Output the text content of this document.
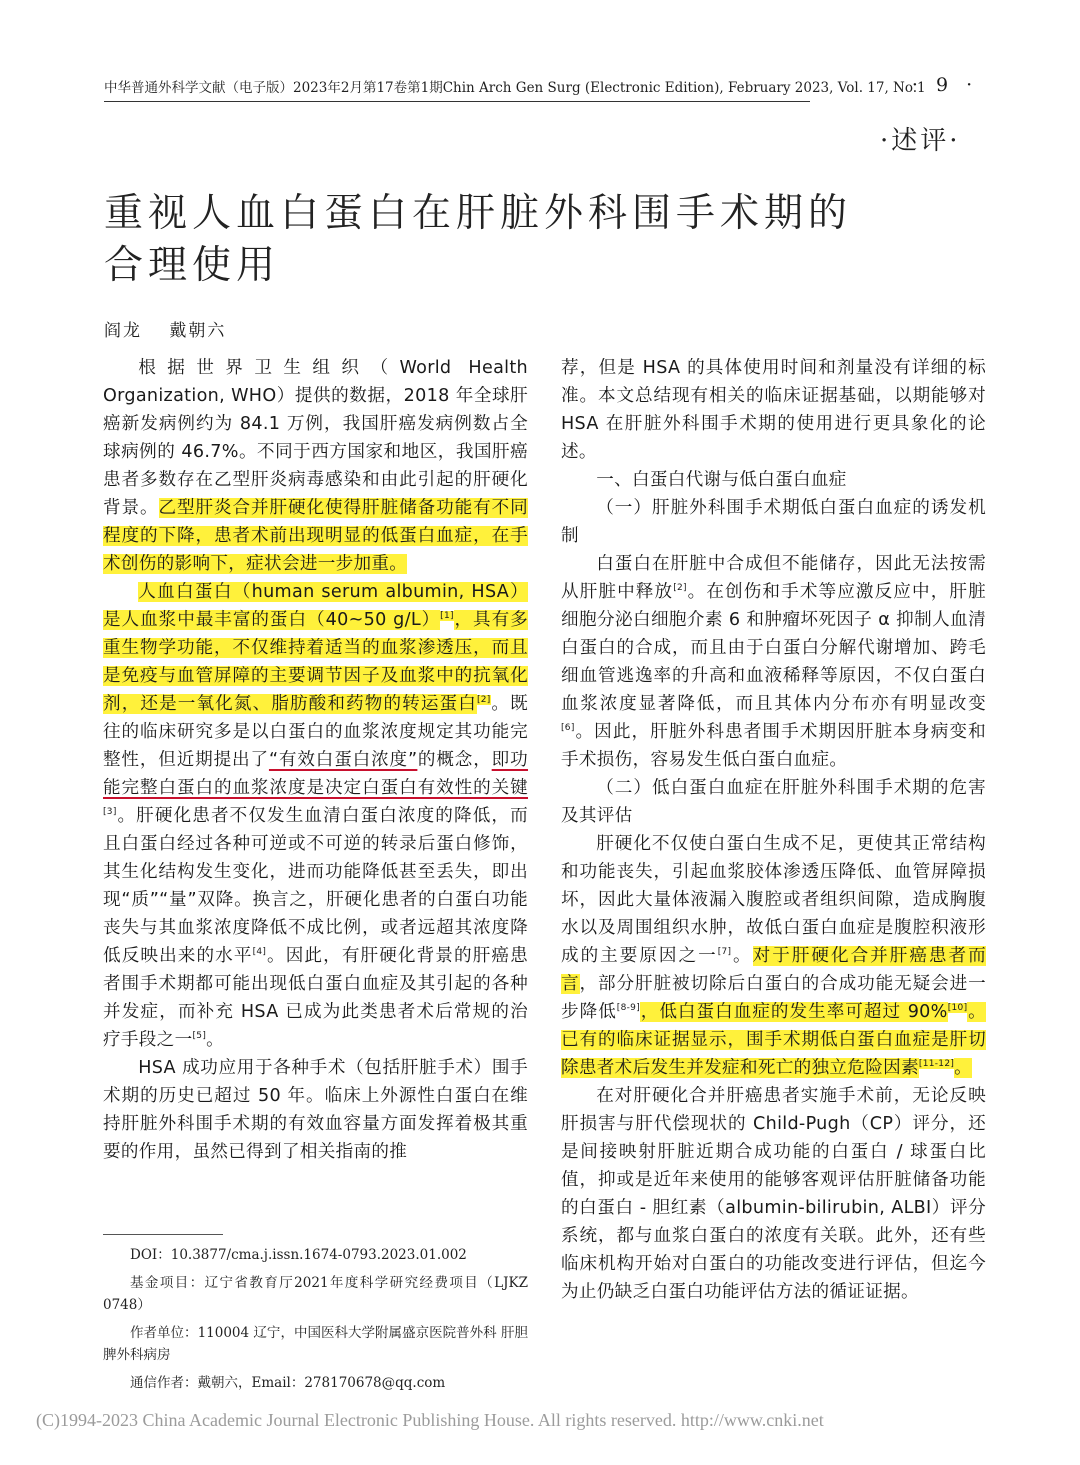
中华普通外科学文献（电子版）2023年2月第17卷第1期Chin Arch Gen Surg (Electronic Edition), February 2023, Vol. 17, No.1
· 9 ·
·述评·
重视人血白蛋白在肝脏外科围手术期的
合理使用
阎龙 戴朝六

根据世界卫生组织（World Health Organization, WHO）提供的数据，2018 年全球肝癌新发病例约为 84.1 万例，我国肝癌发病例数占全球病例的 46.7%。不同于西方国家和地区，我国肝癌患者多数存在乙型肝炎病毒感染和由此引起的肝硬化背景。乙型肝炎合并肝硬化使得肝脏储备功能有不同程度的下降，患者术前出现明显的低蛋白血症，在手术创伤的影响下，症状会进一步加重。

人血白蛋白（human serum albumin, HSA）是人血浆中最丰富的蛋白（40~50 g/L）[1]，具有多重生物学功能，不仅维持着适当的血浆渗透压，而且是免疫与血管屏障的主要调节因子及血浆中的抗氧化剂，还是一氧化氮、脂肪酸和药物的转运蛋白[2]。既往的临床研究多是以白蛋白的血浆浓度规定其功能完整性，但近期提出了“有效白蛋白浓度”的概念，即功能完整白蛋白的血浆浓度是决定白蛋白有效性的关键[3]。肝硬化患者不仅发生血清白蛋白浓度的降低，而且白蛋白经过各种可逆或不可逆的转录后蛋白修饰，其生化结构发生变化，进而功能降低甚至丢失，即出现“质”“量”双降。换言之，肝硬化患者的白蛋白功能丧失与其血浆浓度降低不成比例，或者远超其浓度降低反映出来的水平[4]。因此，有肝硬化背景的肝癌患者围手术期都可能出现低白蛋白血症及其引起的各种并发症，而补充 HSA 已成为此类患者术后常规的治疗手段之一[5]。

HSA 成功应用于各种手术（包括肝脏手术）围手术期的历史已超过 50 年。临床上外源性白蛋白在维持肝脏外科围手术期的有效血容量方面发挥着极其重要的作用，虽然已得到了相关指南的推

DOI：10.3877/cma.j.issn.1674-0793.2023.01.002

基金项目：辽宁省教育厅2021年度科学研究经费项目（LJKZ 0748）

作者单位：110004 辽宁，中国医科大学附属盛京医院普外科 肝胆脾外科病房

通信作者：戴朝六，Email：278170678@qq.com

荐，但是 HSA 的具体使用时间和剂量没有详细的标准。本文总结现有相关的临床证据基础，以期能够对 HSA 在肝脏外科围手术期的使用进行更具象化的论述。

一、白蛋白代谢与低白蛋白血症

（一）肝脏外科围手术期低白蛋白血症的诱发机制

白蛋白在肝脏中合成但不能储存，因此无法按需从肝脏中释放[2]。在创伤和手术等应激反应中，肝脏细胞分泌白细胞介素 6 和肿瘤坏死因子 α 抑制人血清白蛋白的合成，而且由于白蛋白分解代谢增加、跨毛细血管逃逸率的升高和血液稀释等原因，不仅白蛋白血浆浓度显著降低，而且其体内分布亦有明显改变[6]。因此，肝脏外科患者围手术期因肝脏本身病变和手术损伤，容易发生低白蛋白血症。

（二）低白蛋白血症在肝脏外科围手术期的危害及其评估

肝硬化不仅使白蛋白生成不足，更使其正常结构和功能丧失，引起血浆胶体渗透压降低、血管屏障损坏，因此大量体液漏入腹腔或者组织间隙，造成胸腹水以及周围组织水肿，故低白蛋白血症是腹腔积液形成的主要原因之一[7]。对于肝硬化合并肝癌患者而言，部分肝脏被切除后白蛋白的合成功能无疑会进一步降低[8-9]，低白蛋白血症的发生率可超过 90%[10]。已有的临床证据显示，围手术期低白蛋白血症是肝切除患者术后发生并发症和死亡的独立危险因素[11-12]。

在对肝硬化合并肝癌患者实施手术前，无论反映肝损害与肝代偿现状的 Child-Pugh（CP）评分，还是间接映射肝脏近期合成功能的白蛋白 / 球蛋白比值，抑或是近年来使用的能够客观评估肝脏储备功能的白蛋白 - 胆红素（albumin-bilirubin, ALBI）评分系统，都与血浆白蛋白的浓度有关联。此外，还有些临床机构开始对白蛋白的功能改变进行评估，但迄今为止仍缺乏白蛋白功能评估方法的循证证据。

(C)1994-2023 China Academic Journal Electronic Publishing House. All rights reserved. http://www.cnki.net
